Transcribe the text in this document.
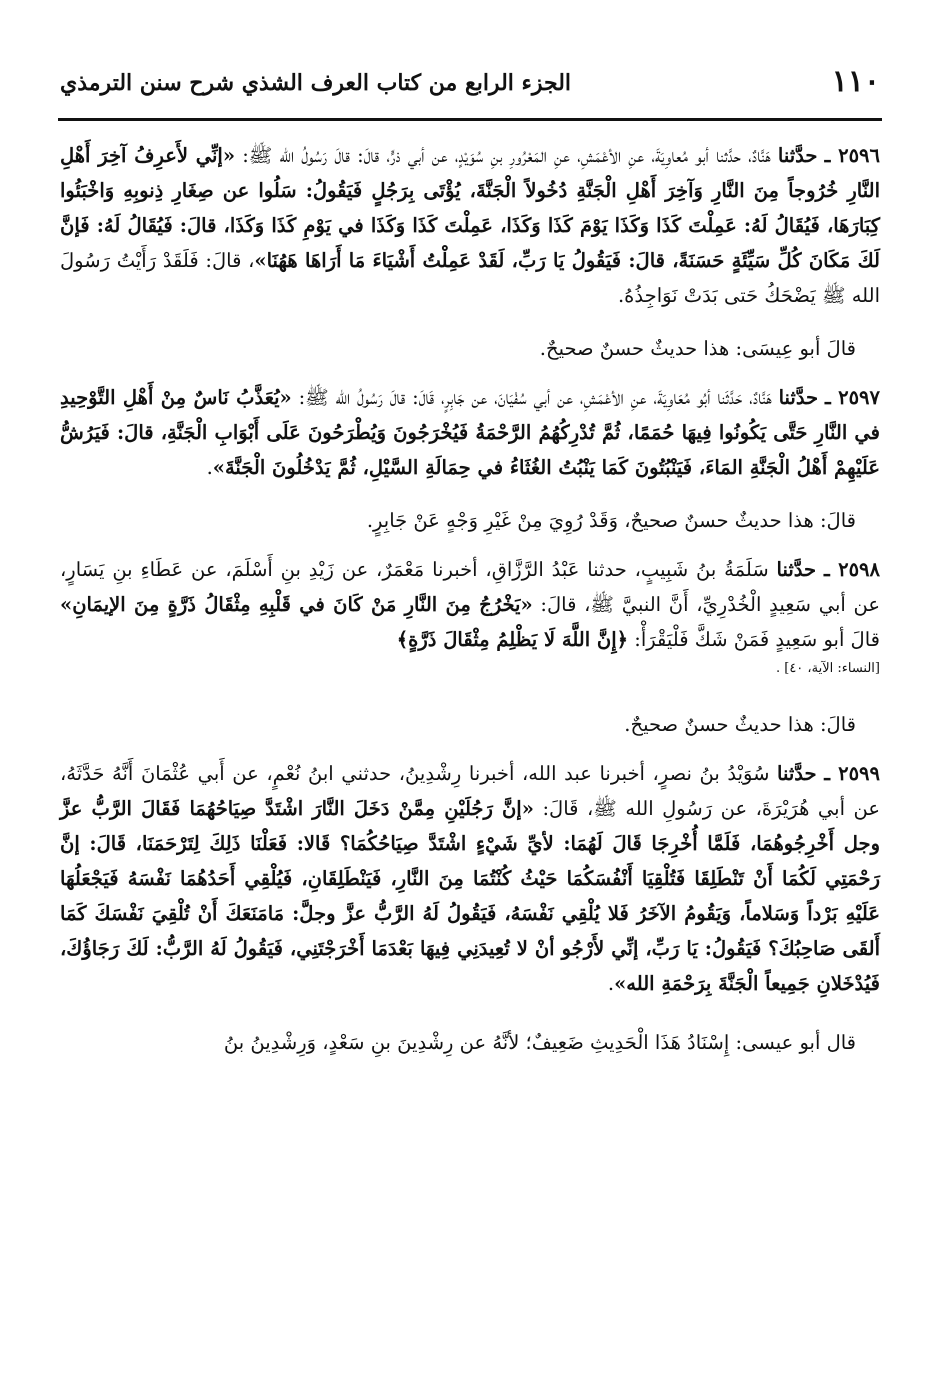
١١٠
الجزء الرابع من كتاب العرف الشذي شرح سنن الترمذي

٢٥٩٦ ـ حدَّثنا هَنَّادٌ، حدَّثنا أبو مُعاوِيَةَ، عنِ الأعْمَشِ، عنِ المَعْرُورِ بنِ سُوَيْدٍ، عن أبي ذرٍّ، قالَ: قالَ رَسُولُ الله ﷺ: «إنِّي لأَعرِفُ آخِرَ أَهْلِ النَّارِ خُرُوجاً مِنَ النَّارِ وَآخِرَ أَهْلِ الْجَنَّةِ دُخُولاً الْجَنَّةَ، يُؤْتَى بِرَجُلٍ فَيَقُولُ: سَلُوا عن صِغَارِ ذِنوبِهِ وَاخْبَئُوا كِبَارَهَا، فَيُقَالُ لَهُ: عَمِلْتَ كَذَا وَكَذَا يَوْمَ كَذَا وَكَذَا، عَمِلْتَ كَذَا وَكَذَا في يَوْمِ كَذَا وَكَذَا، قالَ: فَيُقَالُ لَهُ: فَإنَّ لَكَ مَكَانَ كُلِّ سَيِّئَةٍ حَسَنَةً، قالَ: فَيَقُولُ يَا رَبِّ، لَقَدْ عَمِلْتُ أَشْيَاءَ مَا أَرَاهَا هَهُنَا»، قالَ: فَلَقَدْ رَأَيْتُ رَسُولَ الله ﷺ يَضْحَكُ حَتى بَدَتْ نَوَاجِذُهُ.

قالَ أبو عِيسَى: هذا حديثٌ حسنٌ صحيحٌ.

٢٥٩٧ ـ حدَّثنا هَنَّادٌ، حَدَّثَنا أبُو مُعَاوِيَةَ، عنِ الأعْمَشِ، عن أبي سُفْيَانَ، عن جَابِرٍ، قَالَ: قالَ رَسُولُ الله ﷺ: «يُعَذَّبُ نَاسٌ مِنْ أَهْلِ التَّوْحِيدِ في النَّارِ حَتَّى يَكُونُوا فِيهَا حُمَمًا، ثُمَّ تُدْرِكُهُمُ الرَّحْمَةُ فَيُخْرَجُونَ وَيُطْرَحُونَ عَلَى أَبْوَابِ الْجَنَّةِ، قالَ: فَيَرُشُّ عَلَيْهِمْ أَهْلُ الْجَنَّةِ المَاءَ، فَيَنْبُتُونَ كَمَا يَنْبُتُ الغُثَاءُ في حِمَالَةِ السَّيْلِ، ثُمَّ يَدْخُلُونَ الْجَنَّةَ».

قالَ: هذا حديثٌ حسنٌ صحيحٌ، وَقَدْ رُوِيَ مِنْ غَيْرِ وَجْهٍ عَنْ جَابِرٍ.

٢٥٩٨ ـ حدَّثنا سَلَمَةُ بنُ شَبِيبٍ، حدثنا عَبْدُ الرَّزَّاقِ، أخبرنا مَعْمَرٌ، عن زَيْدِ بنِ أَسْلَمَ، عن عَطَاءِ بنِ يَسَارٍ، عن أبي سَعِيدٍ الْخُدْرِيِّ، أَنَّ النبيَّ ﷺ، قالَ: «يَخْرُجُ مِنَ النَّارِ مَنْ كَانَ في قَلْبِهِ مِثْقَالُ ذَرَّةٍ مِنَ الإيمَانِ» قالَ أبو سَعِيدٍ فَمَنْ شَكَّ فَلْيَقْرَأْ: ﴿إِنَّ اللَّهَ لَا يَظْلِمُ مِثْقَالَ ذَرَّةٍ﴾

[النساء: الآية، ٤٠] .

قالَ: هذا حديثٌ حسنٌ صحيحٌ.

٢٥٩٩ ـ حدَّثنا سُوَيْدُ بنُ نصرٍ، أخبرنا عبد الله، أخبرنا رِشْدِينُ، حدثني ابنُ نُعْمٍ، عن أَبي عُثْمَانَ أَنَّهُ حَدَّثَهُ، عن أبي هُرَيْرَةَ، عن رَسُولِ الله ﷺ، قَالَ: «إنَّ رَجُلَيْنِ مِمَّنْ دَخَلَ النَّارَ اشْتَدَّ صِيَاحُهُمَا فَقَالَ الرَّبُّ عزَّ وجل أَخْرِجُوهُمَا، فَلَمَّا أُخْرِجَا قَالَ لَهُمَا: لأيِّ شَيْءٍ اشْتَدَّ صِيَاحُكُمَا؟ قَالا: فَعَلْنَا ذَلِكَ لِتَرْحَمَنَا، قَالَ: إنَّ رَحْمَتِي لَكُمَا أَنْ تَنْطَلِقَا فَتُلْقِيَا أَنْفُسَكُمَا حَيْثُ كُنْتُمَا مِنَ النَّارِ، فَيَنْطَلِقَانِ، فَيُلْقِي أَحَدُهُمَا نَفْسَهُ فَيَجْعَلُهَا عَلَيْهِ بَرْداً وَسَلاماً، وَيَقُومُ الآخَرُ فَلا يُلْقِي نَفْسَهُ، فَيَقُولُ لَهُ الرَّبُّ عزَّ وجلَّ: مَامَنَعَكَ أَنْ تُلْقِيَ نَفْسَكَ كَمَا أَلقَى صَاحِبُكَ؟ فَيَقُولُ: يَا رَبِّ، إنِّي لأَرْجُو أنْ لا تُعِيدَنِي فِيهَا بَعْدَمَا أَخْرَجْتَنِي، فَيَقُولُ لَهُ الرَّبُّ: لَكَ رَجَاؤُكَ، فَيُدْخَلانِ جَمِيعاً الْجَنَّةَ بِرَحْمَةِ الله».

قال أبو عيسى: إِسْنَادُ هَذَا الْحَدِيثِ ضَعِيفٌ؛ لأنَّهُ عن رِشْدِينَ بنِ سَعْدٍ، وَرِشْدِينُ بنُ
